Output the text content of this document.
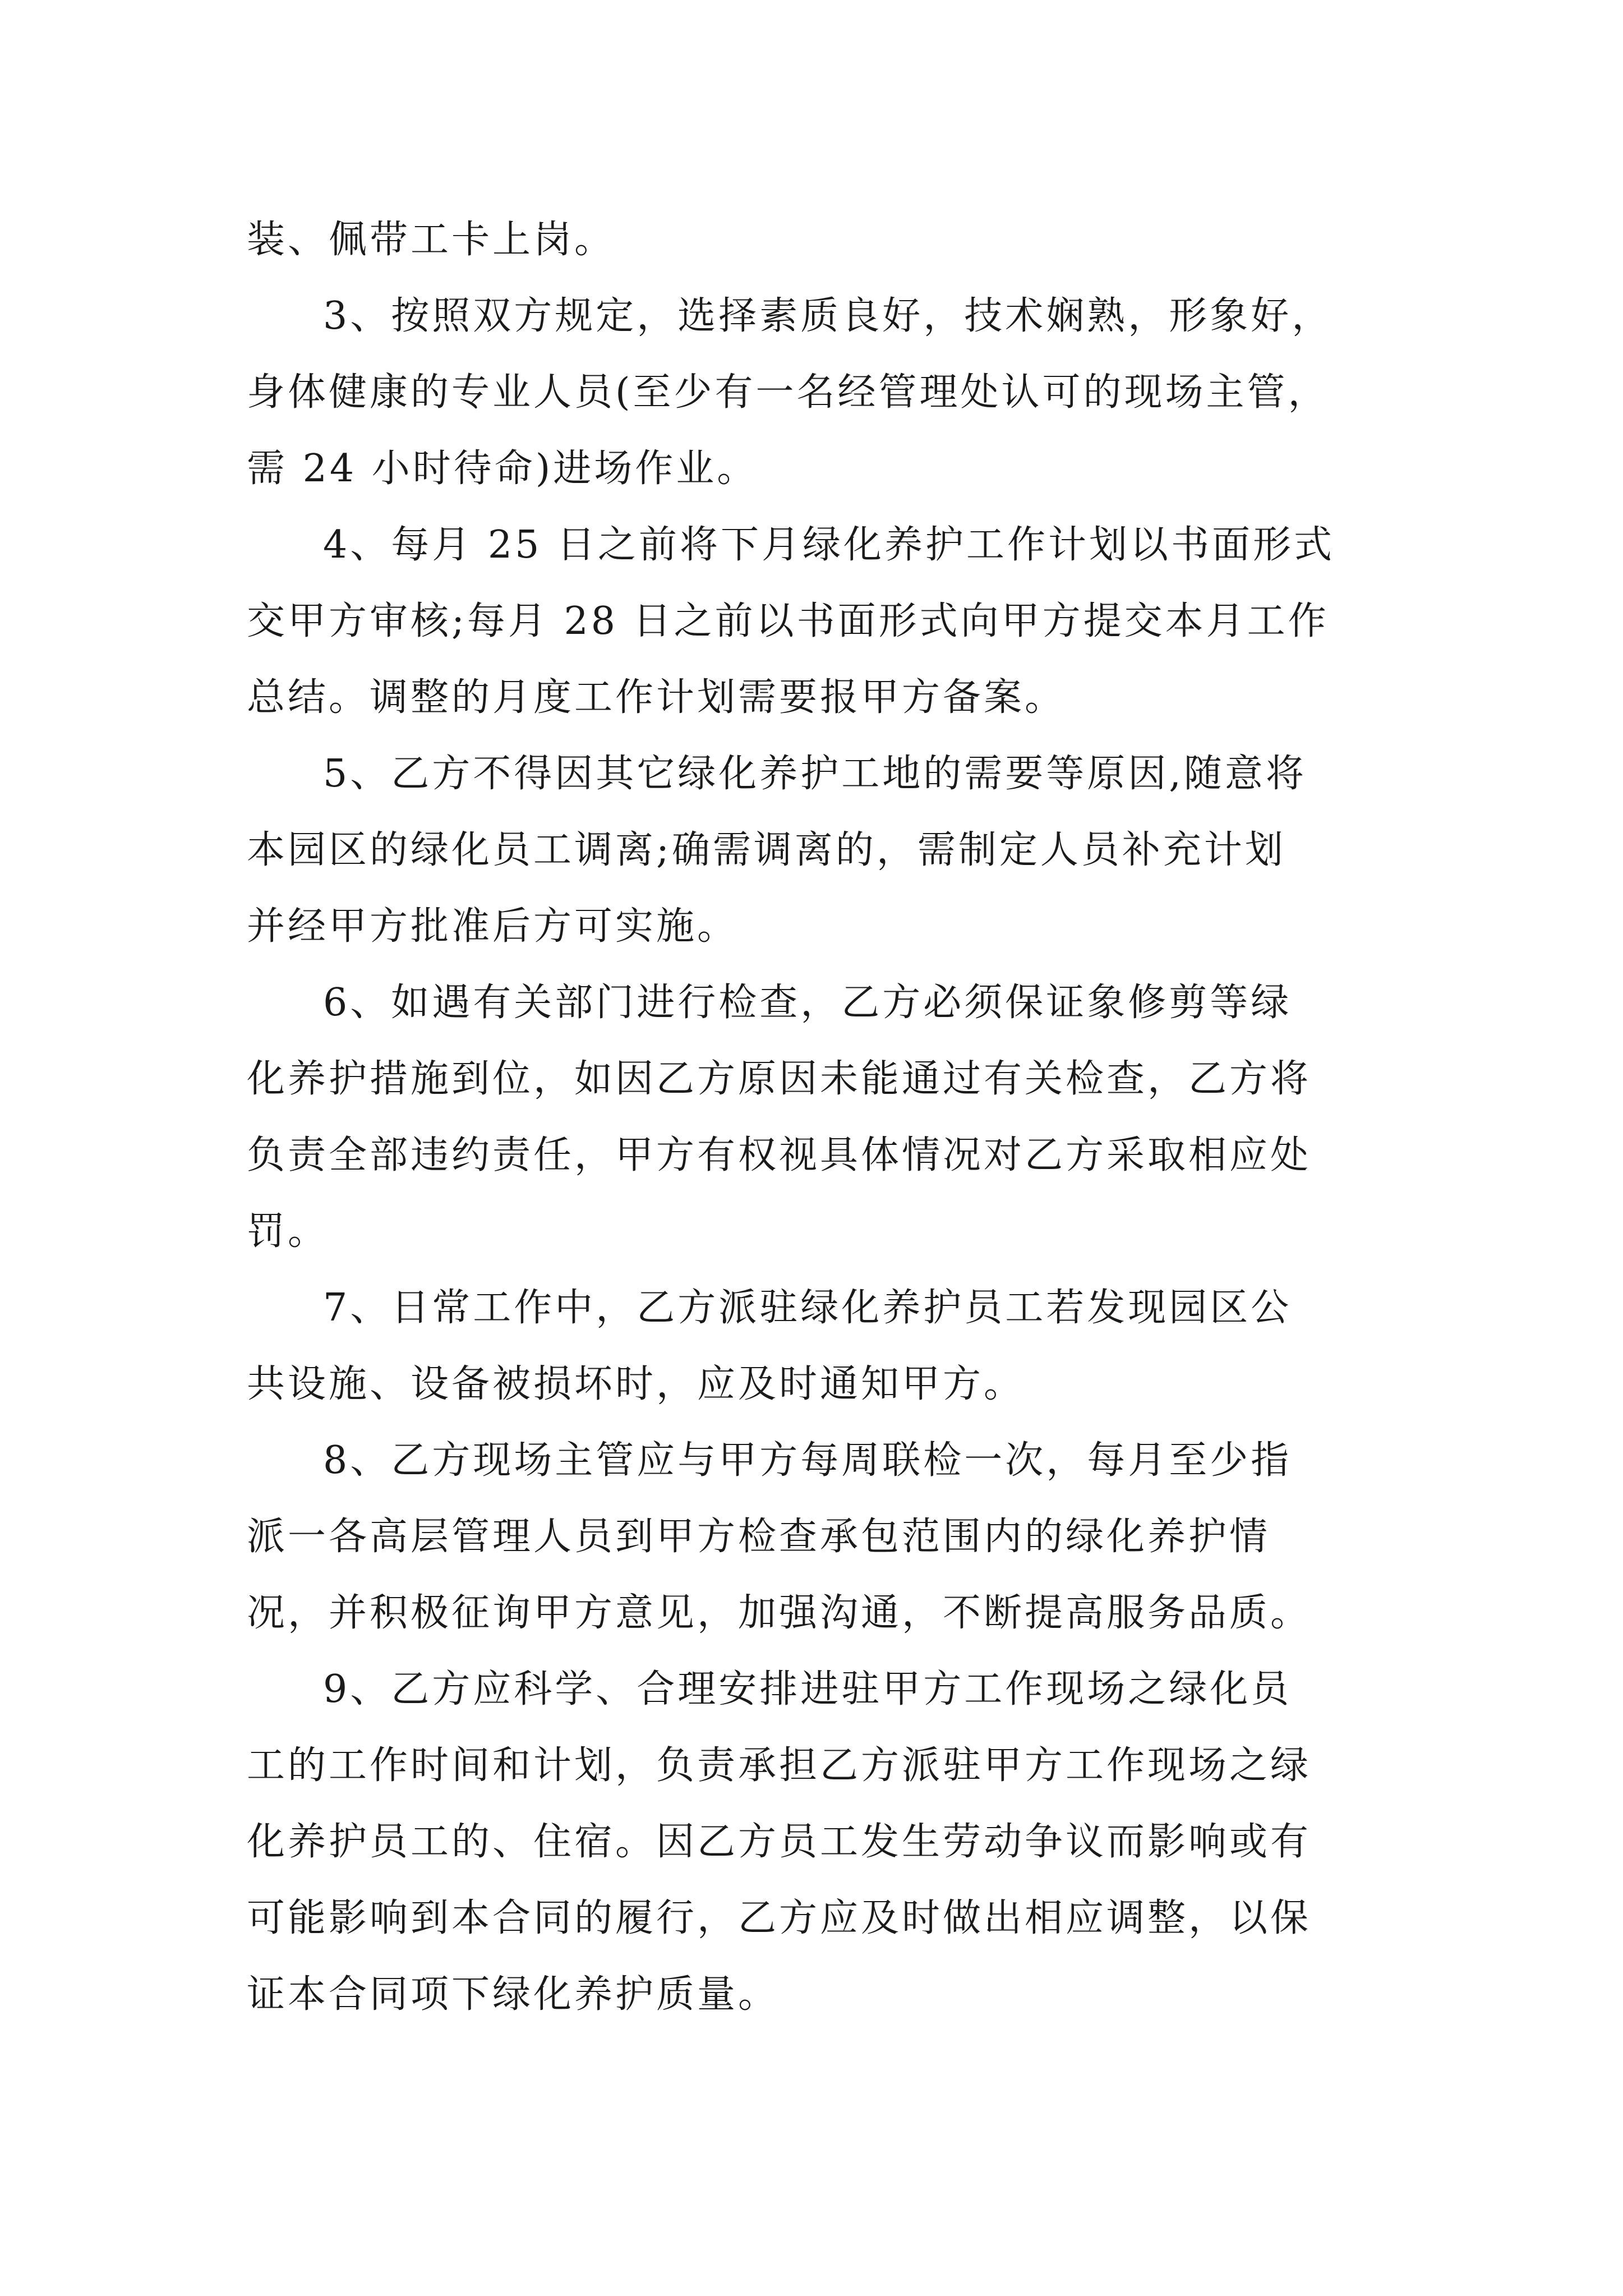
装、佩带工卡上岗。

3、按照双方规定，选择素质良好，技术娴熟，形象好，
身体健康的专业人员(至少有一名经管理处认可的现场主管，
需 24 小时待命)进场作业。

4、每月 25 日之前将下月绿化养护工作计划以书面形式
交甲方审核;每月 28 日之前以书面形式向甲方提交本月工作
总结。调整的月度工作计划需要报甲方备案。

5、乙方不得因其它绿化养护工地的需要等原因,随意将
本园区的绿化员工调离;确需调离的，需制定人员补充计划
并经甲方批准后方可实施。

6、如遇有关部门进行检查，乙方必须保证象修剪等绿
化养护措施到位，如因乙方原因未能通过有关检查，乙方将
负责全部违约责任，甲方有权视具体情况对乙方采取相应处
罚。

7、日常工作中，乙方派驻绿化养护员工若发现园区公
共设施、设备被损坏时，应及时通知甲方。

8、乙方现场主管应与甲方每周联检一次，每月至少指
派一各高层管理人员到甲方检查承包范围内的绿化养护情
况，并积极征询甲方意见，加强沟通，不断提高服务品质。

9、乙方应科学、合理安排进驻甲方工作现场之绿化员
工的工作时间和计划，负责承担乙方派驻甲方工作现场之绿
化养护员工的、住宿。因乙方员工发生劳动争议而影响或有
可能影响到本合同的履行，乙方应及时做出相应调整，以保
证本合同项下绿化养护质量。
